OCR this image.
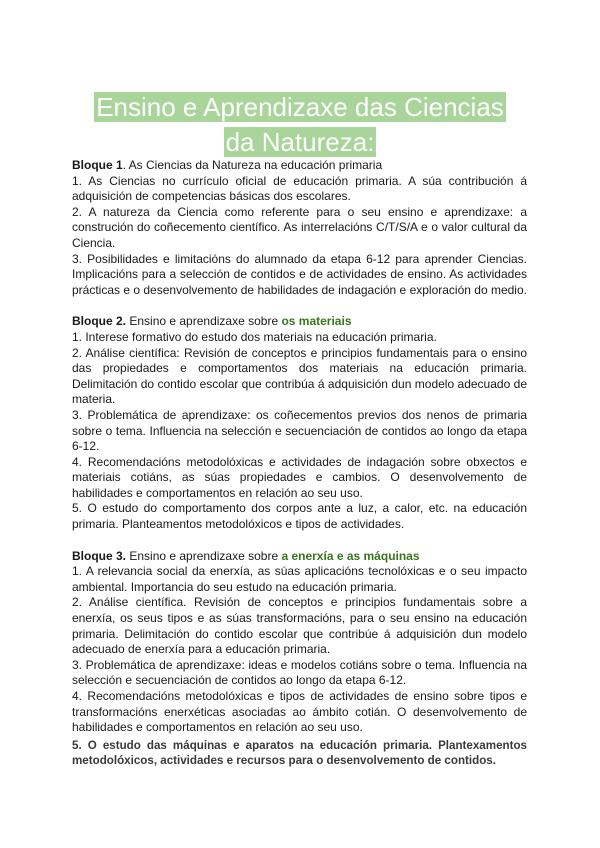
Ensino e Aprendizaxe das Ciencias
da Natureza:

Bloque 1. As Ciencias da Natureza na educación primaria

1. As Ciencias no currículo oficial de educación primaria. A súa contribución á adquisición de competencias básicas dos escolares.

2. A natureza da Ciencia como referente para o seu ensino e aprendizaxe: a construción do coñecemento científico. As interrelacións C/T/S/A e o valor cultural da Ciencia.

3. Posibilidades e limitacións do alumnado da etapa 6-12 para aprender Ciencias. Implicacións para a selección de contidos e de actividades de ensino. As actividades prácticas e o desenvolvemento de habilidades de indagación e exploración do medio.

Bloque 2. Ensino e aprendizaxe sobre os materiais

1. Interese formativo do estudo dos materiais na educación primaria.

2. Análise científica: Revisión de conceptos e principios fundamentais para o ensino das propiedades e comportamentos dos materiais na educación primaria. Delimitación do contido escolar que contribúa á adquisición dun modelo adecuado de materia.

3. Problemática de aprendizaxe: os coñecementos previos dos nenos de primaria sobre o tema. Influencia na selección e secuenciación de contidos ao longo da etapa 6-12.

4. Recomendacións metodolóxicas e actividades de indagación sobre obxectos e materiais cotiáns, as súas propiedades e cambios. O desenvolvemento de habilidades e comportamentos en relación ao seu uso.

5. O estudo do comportamento dos corpos ante a luz, a calor, etc. na educación primaria. Planteamentos metodolóxicos e tipos de actividades.

Bloque 3. Ensino e aprendizaxe sobre a enerxía e as máquinas

1. A relevancia social da enerxía, as súas aplicacións tecnolóxicas e o seu impacto ambiental. Importancia do seu estudo na educación primaria.

2. Análise científica. Revisión de conceptos e principios fundamentais sobre a enerxía, os seus tipos e as súas transformacións, para o seu ensino na educación primaria. Delimitación do contido escolar que contribúe á adquisición dun modelo adecuado de enerxía para a educación primaria.

3. Problemática de aprendizaxe: ideas e modelos cotiáns sobre o tema. Influencia na selección e secuenciación de contidos ao longo da etapa 6-12.

4. Recomendacións metodolóxicas e tipos de actividades de ensino sobre tipos e transformacións enerxéticas asociadas ao ámbito cotián. O desenvolvemento de habilidades e comportamentos en relación ao seu uso.

5. O estudo das máquinas e aparatos na educación primaria. Plantexamentos metodolóxicos, actividades e recursos para o desenvolvemento de contidos.
